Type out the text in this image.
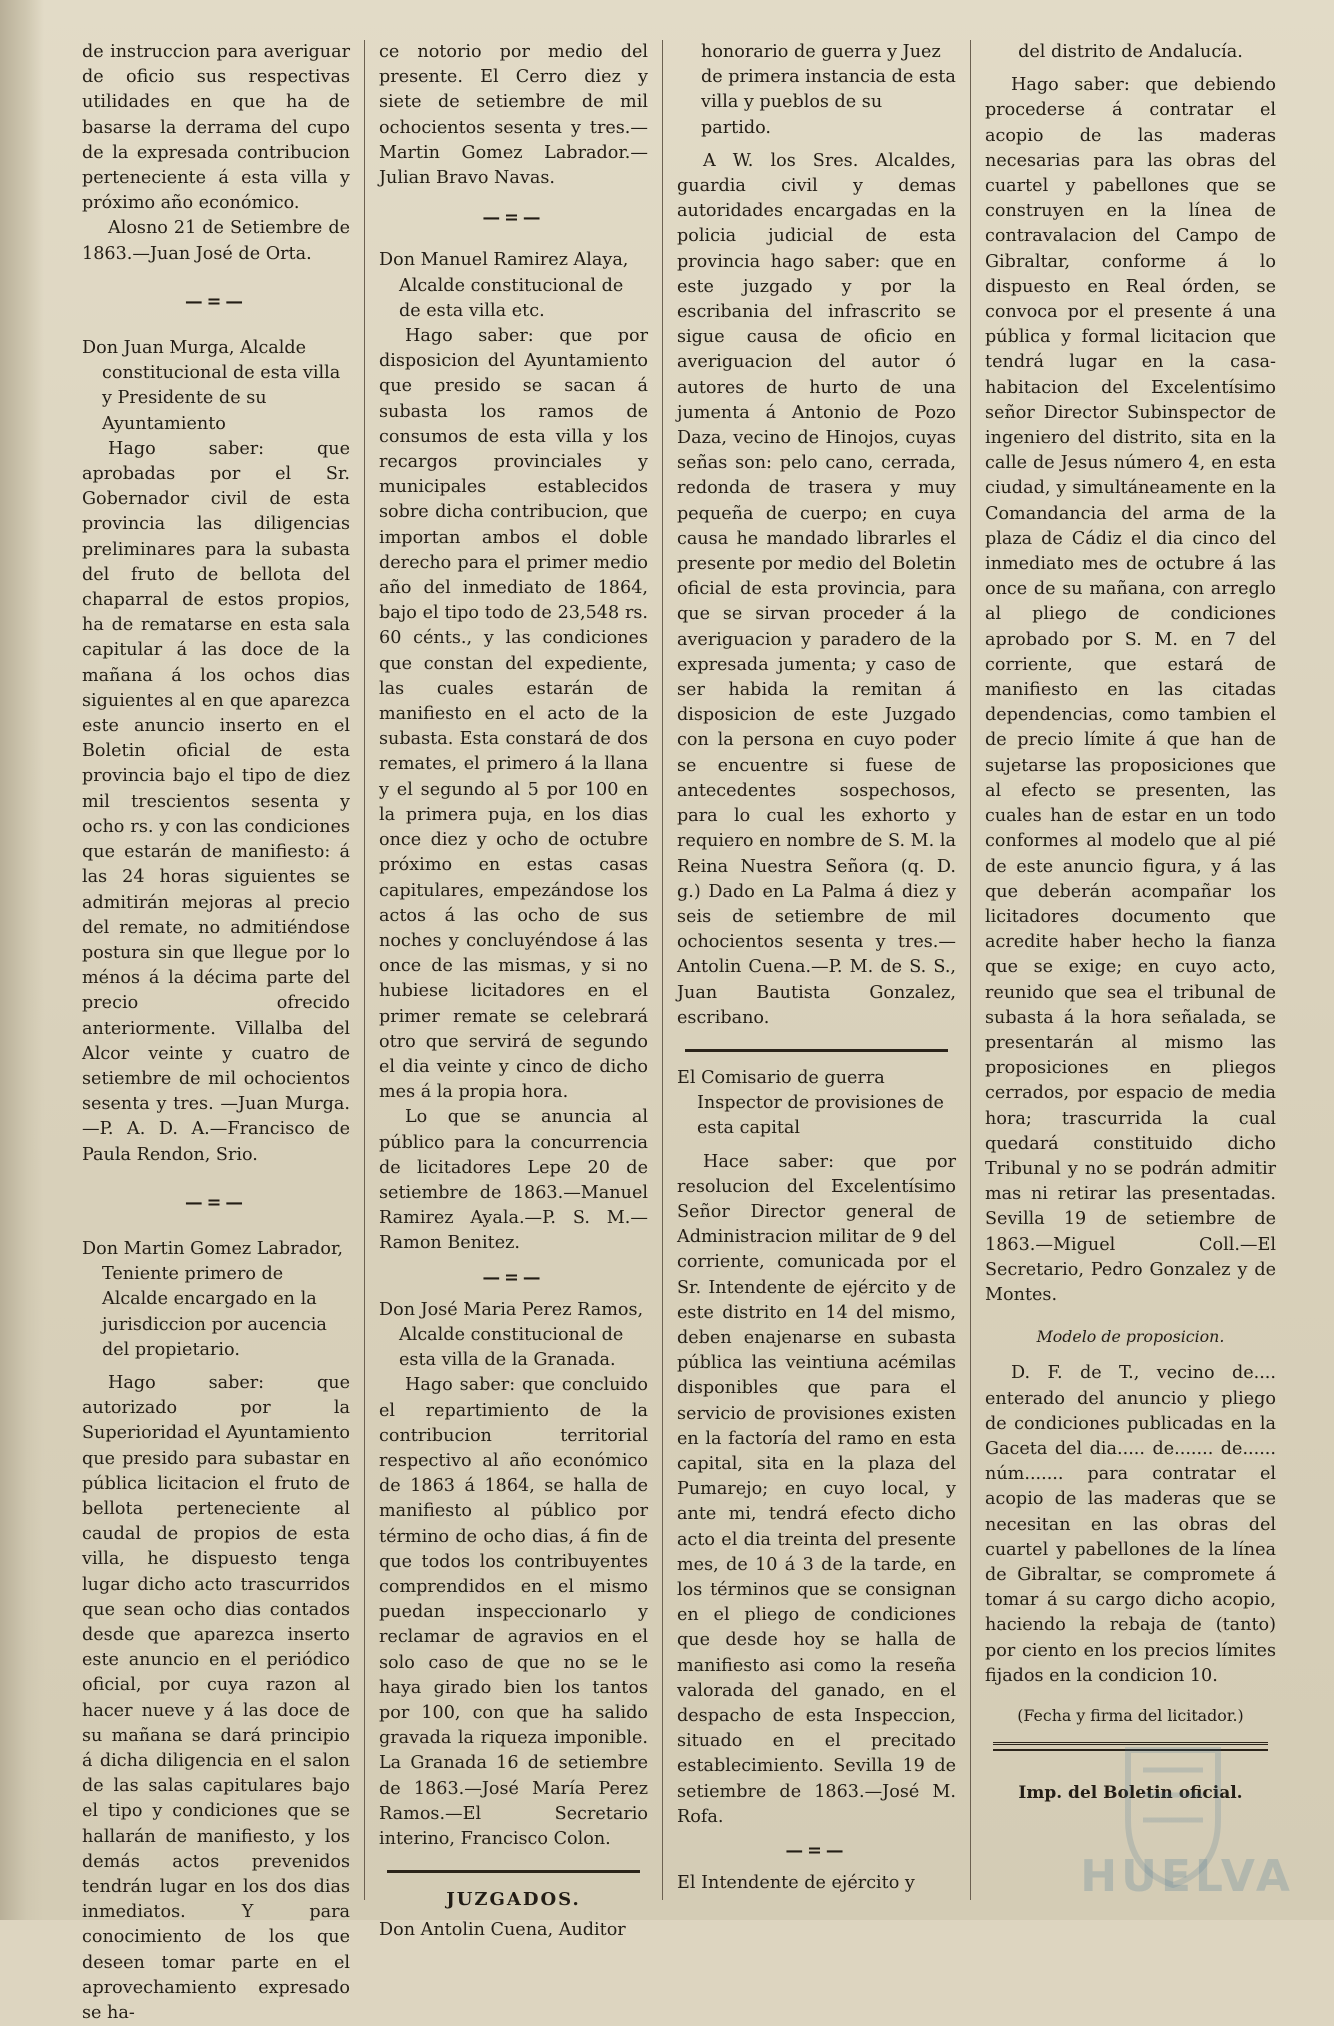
de instruccion para averiguar de oficio sus respectivas utilidades en que ha de basarse la derrama del cupo de la expresada contribucion perteneciente á esta villa y próximo año económico.

Alosno 21 de Setiembre de 1863.—Juan José de Orta.

—=—

Don Juan Murga, Alcalde constitucional de esta villa y Presidente de su Ayuntamiento

Hago saber: que aprobadas por el Sr. Gobernador civil de esta provincia las diligencias preliminares para la subasta del fruto de bellota del chaparral de estos propios, ha de rematarse en esta sala capitular á las doce de la mañana á los ochos dias siguientes al en que aparezca este anuncio inserto en el Boletin oficial de esta provincia bajo el tipo de diez mil trescientos sesenta y ocho rs. y con las condiciones que estarán de manifiesto: á las 24 horas siguientes se admitirán mejoras al precio del remate, no admitiéndose postura sin que llegue por lo ménos á la décima parte del precio ofrecido anteriormente. Villalba del Alcor veinte y cuatro de setiembre de mil ochocientos sesenta y tres. —Juan Murga.—P. A. D. A.—Francisco de Paula Rendon, Srio.

—=—

Don Martin Gomez Labrador, Teniente primero de Alcalde encargado en la jurisdiccion por aucencia del propietario.

Hago saber: que autorizado por la Superioridad el Ayuntamiento que presido para subastar en pública licitacion el fruto de bellota perteneciente al caudal de propios de esta villa, he dispuesto tenga lugar dicho acto trascurridos que sean ocho dias contados desde que aparezca inserto este anuncio en el periódico oficial, por cuya razon al hacer nueve y á las doce de su mañana se dará principio á dicha diligencia en el salon de las salas capitulares bajo el tipo y condiciones que se hallarán de manifiesto, y los demás actos prevenidos tendrán lugar en los dos dias inmediatos. Y para conocimiento de los que deseen tomar parte en el aprovechamiento expresado se ha-

ce notorio por medio del presente. El Cerro diez y siete de setiembre de mil ochocientos sesenta y tres.—Martin Gomez Labrador.—Julian Bravo Navas.

—=—

Don Manuel Ramirez Alaya, Alcalde constitucional de de esta villa etc.

Hago saber: que por disposicion del Ayuntamiento que presido se sacan á subasta los ramos de consumos de esta villa y los recargos provinciales y municipales establecidos sobre dicha contribucion, que importan ambos el doble derecho para el primer medio año del inmediato de 1864, bajo el tipo todo de 23,548 rs. 60 cénts., y las condiciones que constan del expediente, las cuales estarán de manifiesto en el acto de la subasta. Esta constará de dos remates, el primero á la llana y el segundo al 5 por 100 en la primera puja, en los dias once diez y ocho de octubre próximo en estas casas capitulares, empezándose los actos á las ocho de sus noches y concluyéndose á las once de las mismas, y si no hubiese licitadores en el primer remate se celebrará otro que servirá de segundo el dia veinte y cinco de dicho mes á la propia hora.

Lo que se anuncia al público para la concurrencia de licitadores Lepe 20 de setiembre de 1863.—Manuel Ramirez Ayala.—P. S. M.—Ramon Benitez.

—=—

Don José Maria Perez Ramos, Alcalde constitucional de esta villa de la Granada.

Hago saber: que concluido el repartimiento de la contribucion territorial respectivo al año económico de 1863 á 1864, se halla de manifiesto al público por término de ocho dias, á fin de que todos los contribuyentes comprendidos en el mismo puedan inspeccionarlo y reclamar de agravios en el solo caso de que no se le haya girado bien los tantos por 100, con que ha salido gravada la riqueza imponible. La Granada 16 de setiembre de 1863.—José María Perez Ramos.—El Secretario interino, Francisco Colon.

JUZGADOS.

Don Antolin Cuena, Auditor

honorario de guerra y Juez de primera instancia de esta villa y pueblos de su partido.

A W. los Sres. Alcaldes, guardia civil y demas autoridades encargadas en la policia judicial de esta provincia hago saber: que en este juzgado y por la escribania del infrascrito se sigue causa de oficio en averiguacion del autor ó autores de hurto de una jumenta á Antonio de Pozo Daza, vecino de Hinojos, cuyas señas son: pelo cano, cerrada, redonda de trasera y muy pequeña de cuerpo; en cuya causa he mandado librarles el presente por medio del Boletin oficial de esta provincia, para que se sirvan proceder á la averiguacion y paradero de la expresada jumenta; y caso de ser habida la remitan á disposicion de este Juzgado con la persona en cuyo poder se encuentre si fuese de antecedentes sospechosos, para lo cual les exhorto y requiero en nombre de S. M. la Reina Nuestra Señora (q. D. g.) Dado en La Palma á diez y seis de setiembre de mil ochocientos sesenta y tres.—Antolin Cuena.—P. M. de S. S., Juan Bautista Gonzalez, escribano.

El Comisario de guerra Inspector de provisiones de esta capital

Hace saber: que por resolucion del Excelentísimo Señor Director general de Administracion militar de 9 del corriente, comunicada por el Sr. Intendente de ejército y de este distrito en 14 del mismo, deben enajenarse en subasta pública las veintiuna acémilas disponibles que para el servicio de provisiones existen en la factoría del ramo en esta capital, sita en la plaza del Pumarejo; en cuyo local, y ante mi, tendrá efecto dicho acto el dia treinta del presente mes, de 10 á 3 de la tarde, en los términos que se consignan en el pliego de condiciones que desde hoy se halla de manifiesto asi como la reseña valorada del ganado, en el despacho de esta Inspeccion, situado en el precitado establecimiento. Sevilla 19 de setiembre de 1863.—José M. Rofa.

—=—

El Intendente de ejército y

del distrito de Andalucía.

Hago saber: que debiendo procederse á contratar el acopio de las maderas necesarias para las obras del cuartel y pabellones que se construyen en la línea de contravalacion del Campo de Gibraltar, conforme á lo dispuesto en Real órden, se convoca por el presente á una pública y formal licitacion que tendrá lugar en la casa-habitacion del Excelentísimo señor Director Subinspector de ingeniero del distrito, sita en la calle de Jesus número 4, en esta ciudad, y simultáneamente en la Comandancia del arma de la plaza de Cádiz el dia cinco del inmediato mes de octubre á las once de su mañana, con arreglo al pliego de condiciones aprobado por S. M. en 7 del corriente, que estará de manifiesto en las citadas dependencias, como tambien el de precio límite á que han de sujetarse las proposiciones que al efecto se presenten, las cuales han de estar en un todo conformes al modelo que al pié de este anuncio figura, y á las que deberán acompañar los licitadores documento que acredite haber hecho la fianza que se exige; en cuyo acto, reunido que sea el tribunal de subasta á la hora señalada, se presentarán al mismo las proposiciones en pliegos cerrados, por espacio de media hora; trascurrida la cual quedará constituido dicho Tribunal y no se podrán admitir mas ni retirar las presentadas. Sevilla 19 de setiembre de 1863.—Miguel Coll.—El Secretario, Pedro Gonzalez y de Montes.

Modelo de proposicion.

D. F. de T., vecino de.... enterado del anuncio y pliego de condiciones publicadas en la Gaceta del dia..... de....... de...... núm....... para contratar el acopio de las maderas que se necesitan en las obras del cuartel y pabellones de la línea de Gibraltar, se compromete á tomar á su cargo dicho acopio, haciendo la rebaja de (tanto) por ciento en los precios límites fijados en la condicion 10.

(Fecha y firma del licitador.)

Imp. del Boletin oficial.

HUELVA
